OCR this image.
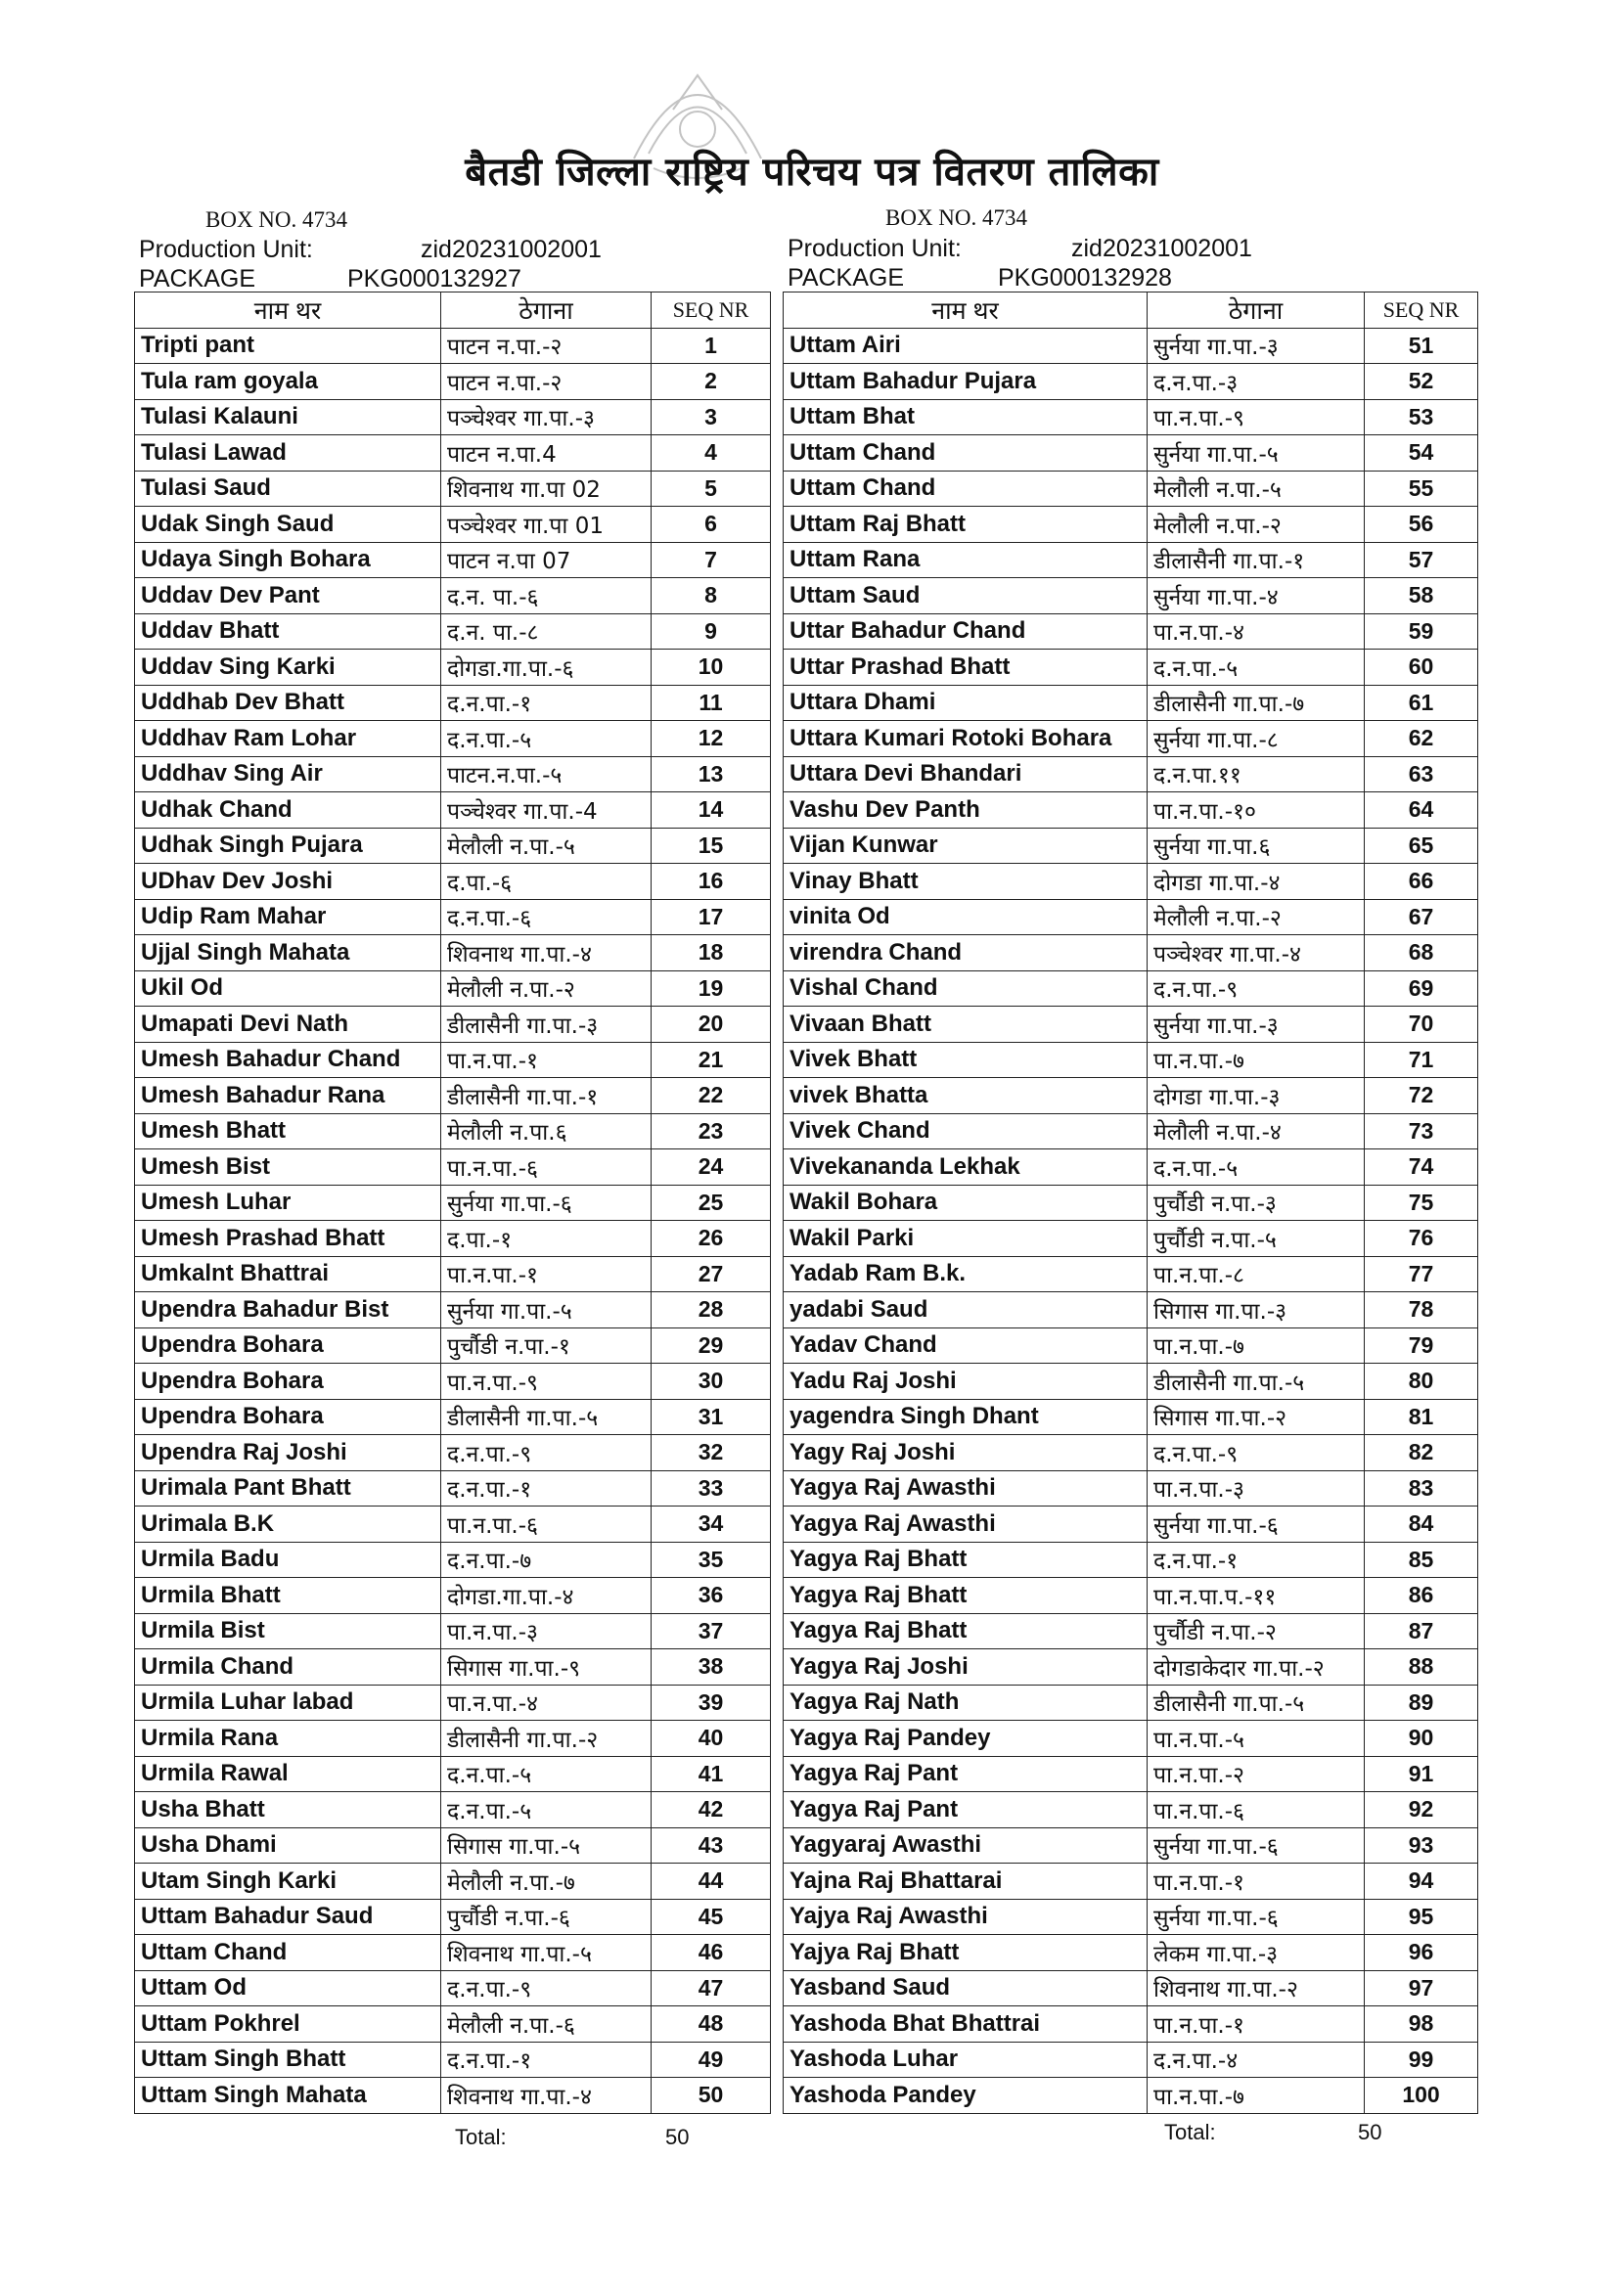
बैतडी जिल्ला राष्ट्रिय परिचय पत्र वितरण तालिका
BOX NO. 4734
Production Unit:	zid20231002001
PACKAGE	PKG000132927
BOX NO. 4734
Production Unit:	zid20231002001
PACKAGE	PKG000132928
नाम थर	ठेगाना	SEQ NR
Tripti pant	पाटन न.पा.-२	1
Tula ram goyala	पाटन न.पा.-२	2
Tulasi Kalauni	पञ्चेश्वर गा.पा.-३	3
Tulasi Lawad	पाटन न.पा.4	4
Tulasi Saud	शिवनाथ गा.पा 02	5
Udak Singh Saud	पञ्चेश्वर गा.पा 01	6
Udaya Singh Bohara	पाटन न.पा 07	7
Uddav Dev Pant	द.न. पा.-६	8
Uddav Bhatt	द.न. पा.-८	9
Uddav Sing Karki	दोगडा.गा.पा.-६	10
Uddhab Dev Bhatt	द.न.पा.-१	11
Uddhav Ram Lohar	द.न.पा.-५	12
Uddhav Sing Air	पाटन.न.पा.-५	13
Udhak Chand	पञ्चेश्वर गा.पा.-4	14
Udhak Singh Pujara	मेलौली न.पा.-५	15
UDhav Dev Joshi	द.पा.-६	16
Udip Ram Mahar	द.न.पा.-६	17
Ujjal Singh Mahata	शिवनाथ गा.पा.-४	18
Ukil Od	मेलौली न.पा.-२	19
Umapati Devi Nath	डीलासैनी गा.पा.-३	20
Umesh Bahadur Chand	पा.न.पा.-१	21
Umesh Bahadur Rana	डीलासैनी गा.पा.-१	22
Umesh Bhatt	मेलौली न.पा.६	23
Umesh Bist	पा.न.पा.-६	24
Umesh Luhar	सुर्नया गा.पा.-६	25
Umesh Prashad Bhatt	द.पा.-१	26
Umkalnt Bhattrai	पा.न.पा.-१	27
Upendra Bahadur Bist	सुर्नया गा.पा.-५	28
Upendra Bohara	पुर्चौडी न.पा.-१	29
Upendra Bohara	पा.न.पा.-९	30
Upendra Bohara	डीलासैनी गा.पा.-५	31
Upendra Raj Joshi	द.न.पा.-९	32
Urimala Pant Bhatt	द.न.पा.-१	33
Urimala B.K	पा.न.पा.-६	34
Urmila Badu	द.न.पा.-७	35
Urmila Bhatt	दोगडा.गा.पा.-४	36
Urmila Bist	पा.न.पा.-३	37
Urmila Chand	सिगास गा.पा.-९	38
Urmila Luhar labad	पा.न.पा.-४	39
Urmila Rana	डीलासैनी गा.पा.-२	40
Urmila Rawal	द.न.पा.-५	41
Usha Bhatt	द.न.पा.-५	42
Usha Dhami	सिगास गा.पा.-५	43
Utam Singh Karki	मेलौली न.पा.-७	44
Uttam Bahadur Saud	पुर्चौडी न.पा.-६	45
Uttam Chand	शिवनाथ गा.पा.-५	46
Uttam Od	द.न.पा.-९	47
Uttam Pokhrel	मेलौली न.पा.-६	48
Uttam Singh Bhatt	द.न.पा.-१	49
Uttam Singh Mahata	शिवनाथ गा.पा.-४	50
नाम थर	ठेगाना	SEQ NR
Uttam Airi	सुर्नया गा.पा.-३	51
Uttam Bahadur Pujara	द.न.पा.-३	52
Uttam Bhat	पा.न.पा.-९	53
Uttam Chand	सुर्नया गा.पा.-५	54
Uttam Chand	मेलौली न.पा.-५	55
Uttam Raj Bhatt	मेलौली न.पा.-२	56
Uttam Rana	डीलासैनी गा.पा.-१	57
Uttam Saud	सुर्नया गा.पा.-४	58
Uttar Bahadur Chand	पा.न.पा.-४	59
Uttar Prashad Bhatt	द.न.पा.-५	60
Uttara Dhami	डीलासैनी गा.पा.-७	61
Uttara Kumari Rotoki Bohara	सुर्नया गा.पा.-८	62
Uttara Devi Bhandari	द.न.पा.११	63
Vashu Dev Panth	पा.न.पा.-१०	64
Vijan Kunwar	सुर्नया गा.पा.६	65
Vinay Bhatt	दोगडा गा.पा.-४	66
vinita Od	मेलौली न.पा.-२	67
virendra Chand	पञ्चेश्वर गा.पा.-४	68
Vishal Chand	द.न.पा.-९	69
Vivaan Bhatt	सुर्नया गा.पा.-३	70
Vivek Bhatt	पा.न.पा.-७	71
vivek Bhatta	दोगडा गा.पा.-३	72
Vivek Chand	मेलौली न.पा.-४	73
Vivekananda Lekhak	द.न.पा.-५	74
Wakil Bohara	पुर्चौडी न.पा.-३	75
Wakil Parki	पुर्चौडी न.पा.-५	76
Yadab Ram B.k.	पा.न.पा.-८	77
yadabi Saud	सिगास गा.पा.-३	78
Yadav Chand	पा.न.पा.-७	79
Yadu Raj Joshi	डीलासैनी गा.पा.-५	80
yagendra Singh Dhant	सिगास गा.पा.-२	81
Yagy Raj Joshi	द.न.पा.-९	82
Yagya Raj Awasthi	पा.न.पा.-३	83
Yagya Raj Awasthi	सुर्नया गा.पा.-६	84
Yagya Raj Bhatt	द.न.पा.-१	85
Yagya Raj Bhatt	पा.न.पा.प.-११	86
Yagya Raj Bhatt	पुर्चौडी न.पा.-२	87
Yagya Raj Joshi	दोगडाकेदार गा.पा.-२	88
Yagya Raj Nath	डीलासैनी गा.पा.-५	89
Yagya Raj Pandey	पा.न.पा.-५	90
Yagya Raj Pant	पा.न.पा.-२	91
Yagya Raj Pant	पा.न.पा.-६	92
Yagyaraj Awasthi	सुर्नया गा.पा.-६	93
Yajna Raj Bhattarai	पा.न.पा.-१	94
Yajya Raj Awasthi	सुर्नया गा.पा.-६	95
Yajya Raj Bhatt	लेकम गा.पा.-३	96
Yasband Saud	शिवनाथ गा.पा.-२	97
Yashoda Bhat Bhattrai	पा.न.पा.-१	98
Yashoda Luhar	द.न.पा.-४	99
Yashoda Pandey	पा.न.पा.-७	100
Total:	50	Total:	50
